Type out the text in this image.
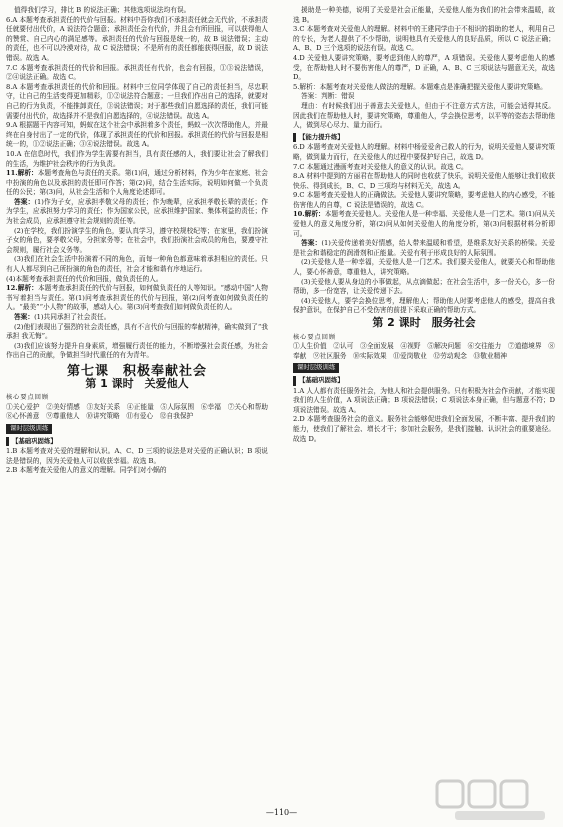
值得我们学习，排比 B 的说法正确；其他选项说法均有误。

6.A 本题考查承担责任的代价与回报。材料中吾你我们不承担责任就会无代价，不承担责任就要付出代价，A 说法符合题意；承担责任会有代价，并且会有所回报，可以获得他人的赞赏、自己内心的满足感等。承担责任的代价与回报是统一的，故 B 说法错误；主动的责任，也不可以冷漠对待，故 C 说法错误；不是所有的责任都能获得回报，故 D 说法错误。故选 A。

7.C 本题考查承担责任的代价和回报。承担责任有代价，也会有回报，①③说法错误，②④说法正确。故选 C。

8.A 本题考查承担责任的代价和回报。材料中三位同学体现了自己的责任担当，尽忠职守，让自己的生活变得更加精彩，①②说法符合题意；一旦我们作出自己的选择，就要对自己的行为负责，不能推卸责任，③说法错误；对于那些我们自愿选择的责任，我们可能需要付出代价，故选择并不是我们自愿选择的，④说法错误。故选 A。

9.A 根据题干内容可知，蚂蚁在这个社会中承担着多个责任，蚂蚁一次次帮助他人，并最终在自身付出了一定的代价，体现了承担责任的代价和回报。承担责任的代价与回报是相统一的，①②说法正确；③④说法错误。故选 A。

10.A 在信息时代，我们作为学生需要有担当，具有责任感的人，我们要让社会了解我们的生活，为维护社会秩序的行为负责。

11.解析：本题考查角色与责任的关系。第(1)问，通过分析材料，作为少年在家庭、社会中扮演的角色以及承担的责任即可作答；第(2)问，结合生活实际，说明如何做一个负责任的公民；第(3)问，从社会生活和个人角度论述即可。

答案：(1)作为子女，应承担孝敬父母的责任；作为晚辈，应承担孝敬长辈的责任；作为学生，应承担努力学习的责任；作为国家公民，应承担维护国家、集体利益的责任；作为社会成员，应承担遵守社会规则的责任等。

(2)在学校，我们扮演学生的角色，要认真学习，遵守校规校纪等；在家里，我们扮演子女的角色，要孝敬父母，分担家务等；在社会中，我们扮演社会成员的角色，要遵守社会规则，履行社会义务等。

(3)我们在社会生活中扮演着不同的角色，而每一种角色都意味着承担相应的责任。只有人人都尽到自己所扮演的角色的责任，社会才能和谐有序地运行。

(4)本题考查承担责任的代价和回报，做负责任的人。

12.解析：本题考查承担责任的代价与回报，如何做负责任的人等知识。“感动中国”人物书写着担当与责任。第(1)问考查承担责任的代价与回报，第(2)问考查如何做负责任的人。“最美”“小人物”的故事，感动人心。第(3)问考查我们如何做负责任的人。

答案：(1)共同承担了社会责任。

(2)他们表现出了强烈的社会责任感，具有不言代价与回报的奉献精神，确实做到了“我承担 我无悔”。

(3)我们应该努力提升自身素质，增强履行责任的能力，不断增强社会责任感，为社会作出自己的贡献，争做担当时代重任的有为青年。

第七课　积极奉献社会
第 1 课时　关爱他人
核心要点回顾

①关心爱护　②美好情感　③友好关系　④正能量　⑤人际氛围　⑥幸福　⑦关心和帮助　⑧心怀善意　⑨尊重他人　⑩讲究策略　⑪有爱心　⑫自我保护

课时层级训练
【基础巩固练】

1.B 本题考查对关爱的理解和认识。A、C、D 三项的说法是对关爱的正确认识；B 项说法是错误的，因为关爱他人可以收获幸福。故选 B。

2.B 本题考查关爱他人的意义的理解。同学们对小蜗的

援助是一种美德，说明了关爱是社会正能量，关爱他人能为我们的社会带来温暖，故选 B。

3.C 本题考查对关爱他人的理解。材料中的王建同学由于不相识的捐助的老人，利用自己的专长，为老人提供了不少帮助，说明他具有关爱他人的良好品质，所以 C 说法正确；A、B、D 三个选项的说法有误。故选 C。

4.D 关爱他人要讲究策略，要考虑到他人的尊严，A 项错误。关爱他人要考虑他人的感受，在帮助他人时不要伤害他人的尊严，D 正确，A、B、C 三项说法与题意无关，故选 D。

5.解析：本题考查对关爱他人做法的理解。本题难点是准确把握关爱他人要讲究策略。

答案：判断：错误

理由：有时候我们出于善意去关爱他人，但由于不注意方式方法，可能会适得其反。因此我们在帮助他人时，要讲究策略，尊重他人，学会换位思考，以平等的姿态去帮助他人，做到尽心尽力、量力而行。

【能力提升练】

6.D 本题考查对关爱他人的理解。材料中杨爱爱舍己救人的行为，说明关爱他人要讲究策略，做到量力而行，在关爱他人的过程中要保护好自己，故选 D。

7.C 本题通过漫画考查对关爱他人的意义的认识。故选 C。

8.A 材料中提到的方丽君在帮助他人的同时也收获了快乐，说明关爱他人能够让我们收获快乐、得到成长，B、C、D 三项均与材料无关，故选 A。

9.C 本题考查关爱他人的正确做法。关爱他人要讲究策略，要考虑他人的内心感受，不能伤害他人的自尊，C 说法是错误的，故选 C。

10.解析：本题考查关爱他人。关爱他人是一种幸福、关爱他人是一门艺术。第(1)问从关爱他人的意义角度分析，第(2)问从如何关爱他人的角度分析，第(3)问根据材料分析即可。

答案：(1)关爱传递着美好情感，给人带来温暖和希望，是维系友好关系的桥梁。关爱是社会和谐稳定的润滑剂和正能量。关爱有利于形成良好的人际氛围。

(2)关爱他人是一种幸福，关爱他人是一门艺术。我们要关爱他人，就要关心和帮助他人，要心怀善意，尊重他人，讲究策略。

(3)关爱他人要从身边的小事做起，从点滴做起；在社会生活中，多一份关心，多一份帮助，多一份宽容，让关爱传递下去。

(4)关爱他人，要学会换位思考，理解他人；帮助他人时要考虑他人的感受，提高自我保护意识，在保护自己不受伤害的前提下采取正确的帮助方式。

第 2 课时　服务社会
核心要点回顾

①人生价值　②认可　③全面发展　④视野　⑤解决问题　⑥交往能力　⑦道德境界　⑧奉献　⑨社区服务　⑩实际效果　⑪爱岗敬业　⑫劳动观念　⑬敬业精神

课时层级训练
【基础巩固练】

1.A 人人都有责任服务社会，为他人和社会提供服务。只有积极为社会作贡献，才能实现我们的人生价值，A 项说法正确；B 项说法错误；C 项说法本身正确，但与题意不符；D 项说法错误。故选 A。

2.D 本题考查服务社会的意义。服务社会能够促进我们全面发展，不断丰富、提升我们的能力，使我们了解社会、增长才干；参加社会服务，是我们接触、认识社会的重要途径。故选 D。

—110—
